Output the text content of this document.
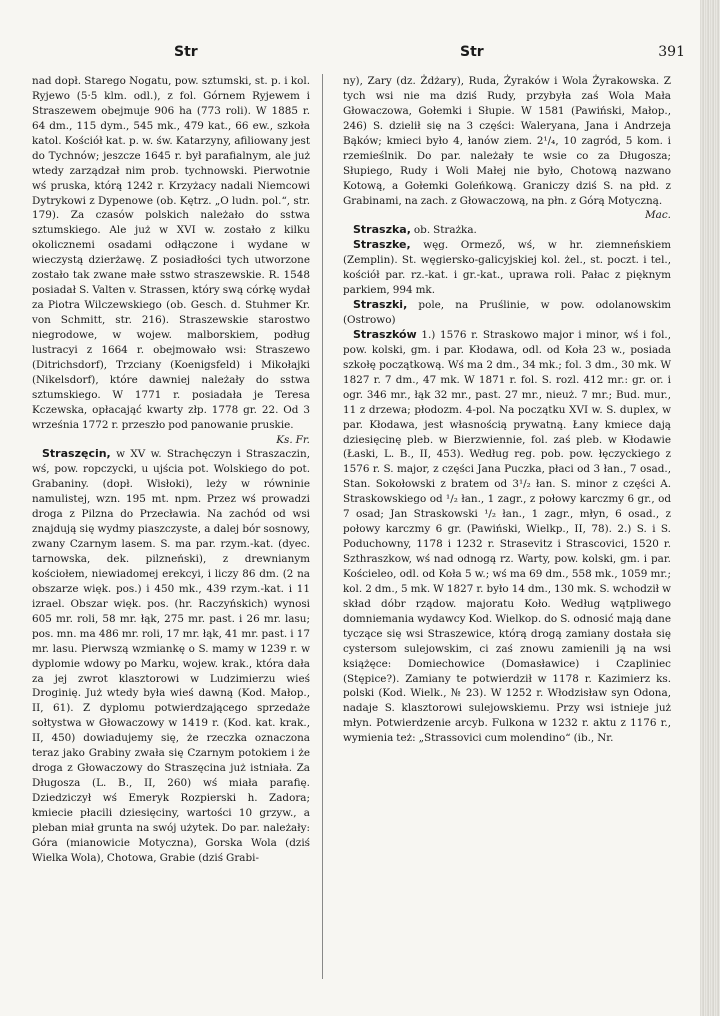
Str	Str	391

nad dopł. Starego Nogatu, pow. sztumski, st. p. i kol. Ryjewo (5·5 klm. odl.), z fol. Górnem Ryjewem i Straszewem obejmuje 906 ha (773 roli). W 1885 r. 64 dm., 115 dym., 545 mk., 479 kat., 66 ew., szkoła katol. Kościół kat. p. w. św. Katarzyny, afiliowany jest do Tychnów; jeszcze 1645 r. był parafialnym, ale już wtedy zarządzał nim prob. tychnowski. Pierwotnie wś pruska, którą 1242 r. Krzyżacy nadali Niemcowi Dytrykowi z Dypenowe (ob. Kętrz. „O ludn. pol.“, str. 179). Za czasów polskich należało do sstwa sztumskiego. Ale już w XVI w. zostało z kilku okolicznemi osadami odłączone i wydane w wieczystą dzierżawę. Z posiadłości tych utworzone zostało tak zwane małe sstwo straszewskie. R. 1548 posiadał S. Valten v. Strassen, który swą córkę wydał za Piotra Wilczewskiego (ob. Gesch. d. Stuhmer Kr. von Schmitt, str. 216). Straszewskie starostwo niegrodowe, w wojew. malborskiem, podług lustracyi z 1664 r. obejmowało wsi: Straszewo (Ditrichsdorf), Trzciany (Koenigsfeld) i Mikołajki (Nikelsdorf), które dawniej należały do sstwa sztumskiego. W 1771 r. posiadała je Teresa Kczewska, opłacająć kwarty złp. 1778 gr. 22. Od 3 września 1772 r. przeszło pod panowanie pruskie.
Ks. Fr.

Straszęcin, w XV w. Strachęczyn i Straszaczin, wś, pow. ropczycki, u ujścia pot. Wolskiego do pot. Grabaniny. (dopł. Wisłoki), leży w równinie namulistej, wzn. 195 mt. npm. Przez wś prowadzi droga z Pilzna do Przecławia. Na zachód od wsi znajdują się wydmy piaszczyste, a dalej bór sosnowy, zwany Czarnym lasem. S. ma par. rzym.-kat. (dyec. tarnowska, dek. pilzneński), z drewnianym kościołem, niewiadomej erekcyi, i liczy 86 dm. (2 na obszarze więk. pos.) i 450 mk., 439 rzym.-kat. i 11 izrael. Obszar więk. pos. (hr. Raczyńskich) wynosi 605 mr. roli, 58 mr. łąk, 275 mr. past. i 26 mr. lasu; pos. mn. ma 486 mr. roli, 17 mr. łąk, 41 mr. past. i 17 mr. lasu. Pierwszą wzmiankę o S. mamy w 1239 r. w dyplomie wdowy po Marku, wojew. krak., która dała za jej zwrot klasztorowi w Ludzimierzu wieś Droginię. Już wtedy była wieś dawną (Kod. Małop., II, 61). Z dyplomu potwierdzającego sprzedaże sołtystwa w Głowaczowy w 1419 r. (Kod. kat. krak., II, 450) dowiadujemy się, że rzeczka oznaczona teraz jako Grabiny zwała się Czarnym potokiem i że droga z Głowaczowy do Straszęcina już istniała. Za Długosza (L. B., II, 260) wś miała parafię. Dziedziczył wś Emeryk Rozpierski h. Zadora; kmiecie płacili dziesięciny, wartości 10 grzyw., a pleban miał grunta na swój użytek. Do par. należały: Góra (mianowicie Motyczna), Gorska Wola (dziś Wielka Wola), Chotowa, Grabie (dziś Grabi-

ny), Zary (dz. Żdżary), Ruda, Żyraków i Wola Żyrakowska. Z tych wsi nie ma dziś Rudy, przybyła zaś Wola Mała Głowaczowa, Gołemki i Słupie. W 1581 (Pawiński, Małop., 246) S. dzielił się na 3 części: Waleryana, Jana i Andrzeja Bąków; kmieci było 4, łanów ziem. 2¹/₄, 10 zagród, 5 kom. i rzemieślnik. Do par. należały te wsie co za Długosza; Słupiego, Rudy i Woli Małej nie było, Chotową nazwano Kotową, a Gołemki Goleńkową. Graniczy dziś S. na płd. z Grabinami, na zach. z Głowaczową, na płn. z Górą Motyczną.
Mac.

Straszka, ob. Strażka.

Straszke, węg. Ormező, wś, w hr. ziemneńskiem (Zemplin). St. węgiersko-galicyjskiej kol. żel., st. poczt. i tel., kościół par. rz.-kat. i gr.-kat., uprawa roli. Pałac z pięknym parkiem, 994 mk.

Straszki, pole, na Pruślinie, w pow. odolanowskim (Ostrowo)

Straszków 1.) 1576 r. Straskowo major i minor, wś i fol., pow. kolski, gm. i par. Kłodawa, odl. od Koła 23 w., posiada szkołę początkową. Wś ma 2 dm., 34 mk.; fol. 3 dm., 30 mk. W 1827 r. 7 dm., 47 mk. W 1871 r. fol. S. rozl. 412 mr.: gr. or. i ogr. 346 mr., łąk 32 mr., past. 27 mr., nieuż. 7 mr.; Bud. mur., 11 z drzewa; płodozm. 4-pol. Na początku XVI w. S. duplex, w par. Kłodawa, jest własnością prywatną. Łany kmiece dają dziesięcinę pleb. w Bierzwiennie, fol. zaś pleb. w Kłodawie (Łaski, L. B., II, 453). Według reg. pob. pow. łęczyckiego z 1576 r. S. major, z części Jana Puczka, płaci od 3 łan., 7 osad., Stan. Sokołowski z bratem od 3¹/₂ łan. S. minor z części A. Straskowskiego od ¹/₂ łan., 1 zagr., z połowy karczmy 6 gr., od 7 osad; Jan Straskowski ¹/₂ łan., 1 zagr., młyn, 6 osad., z połowy karczmy 6 gr. (Pawiński, Wielkp., II, 78). 2.) S. i S. Poduchowny, 1178 i 1232 r. Strasevitz i Strascovici, 1520 r. Szthraszkow, wś nad odnogą rz. Warty, pow. kolski, gm. i par. Kościeleo, odl. od Koła 5 w.; wś ma 69 dm., 558 mk., 1059 mr.; kol. 2 dm., 5 mk. W 1827 r. było 14 dm., 130 mk. S. wchodził w skład dóbr rządow. majoratu Koło. Według wątpliwego domniemania wydawcy Kod. Wielkop. do S. odnosić mają dane tyczące się wsi Straszewice, którą drogą zamiany dostała się cystersom sulejowskim, ci zaś znowu zamienili ją na wsi książęce: Domiechowice (Domasławice) i Czapliniec (Stępice?). Zamiany te potwierdził w 1178 r. Kazimierz ks. polski (Kod. Wielk., № 23). W 1252 r. Włodzisław syn Odona, nadaje S. klasztorowi sulejowskiemu. Przy wsi istnieje już młyn. Potwierdzenie arcyb. Fulkona w 1232 r. aktu z 1176 r., wymienia też: „Strassovici cum molendino“ (ib., Nr.
